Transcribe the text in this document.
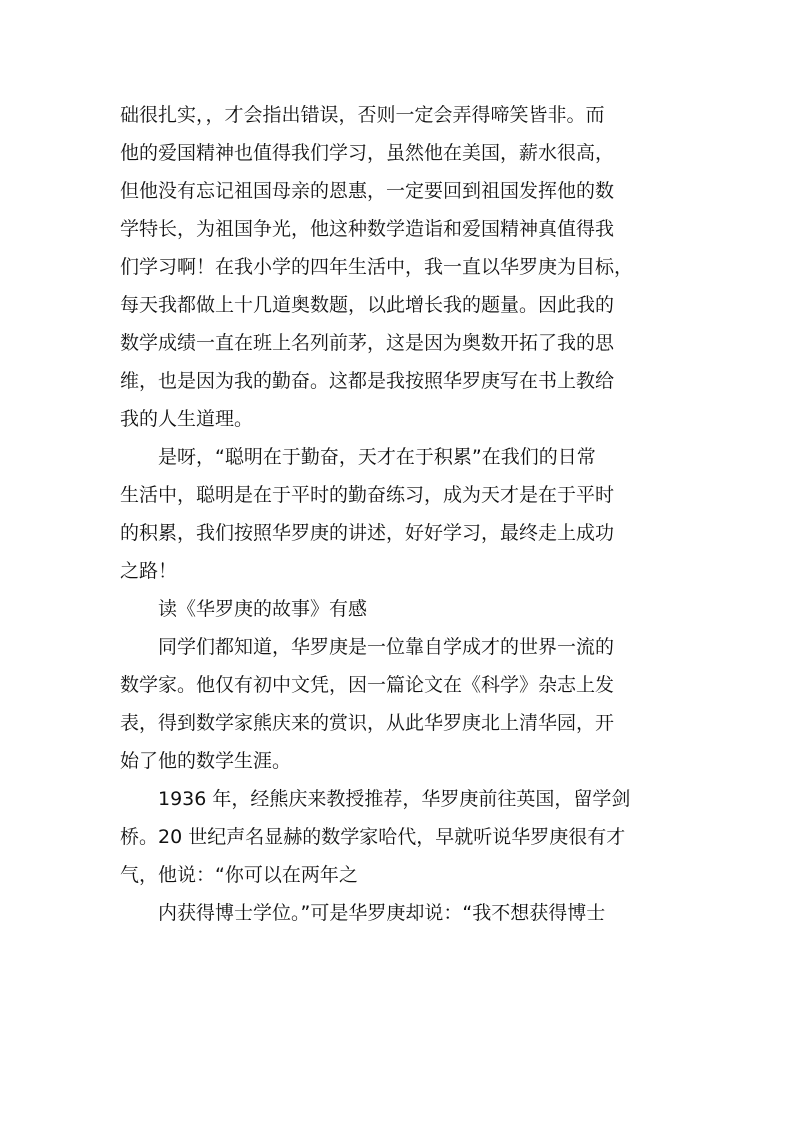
础很扎实，，才会指出错误，否则一定会弄得啼笑皆非。而
他的爱国精神也值得我们学习，虽然他在美国，薪水很高，
但他没有忘记祖国母亲的恩惠，一定要回到祖国发挥他的数
学特长，为祖国争光，他这种数学造诣和爱国精神真值得我
们学习啊！在我小学的四年生活中，我一直以华罗庚为目标，
每天我都做上十几道奥数题，以此增长我的题量。因此我的
数学成绩一直在班上名列前茅，这是因为奥数开拓了我的思
维，也是因为我的勤奋。这都是我按照华罗庚写在书上教给
我的人生道理。
是呀，“聪明在于勤奋，天才在于积累”在我们的日常
生活中，聪明是在于平时的勤奋练习，成为天才是在于平时
的积累，我们按照华罗庚的讲述，好好学习，最终走上成功
之路！
读《华罗庚的故事》有感
同学们都知道，华罗庚是一位靠自学成才的世界一流的
数学家。他仅有初中文凭，因一篇论文在《科学》杂志上发
表，得到数学家熊庆来的赏识，从此华罗庚北上清华园，开
始了他的数学生涯。
1936 年，经熊庆来教授推荐，华罗庚前往英国，留学剑
桥。20 世纪声名显赫的数学家哈代，早就听说华罗庚很有才
气，他说：“你可以在两年之
内获得博士学位。”可是华罗庚却说：“我不想获得博士
